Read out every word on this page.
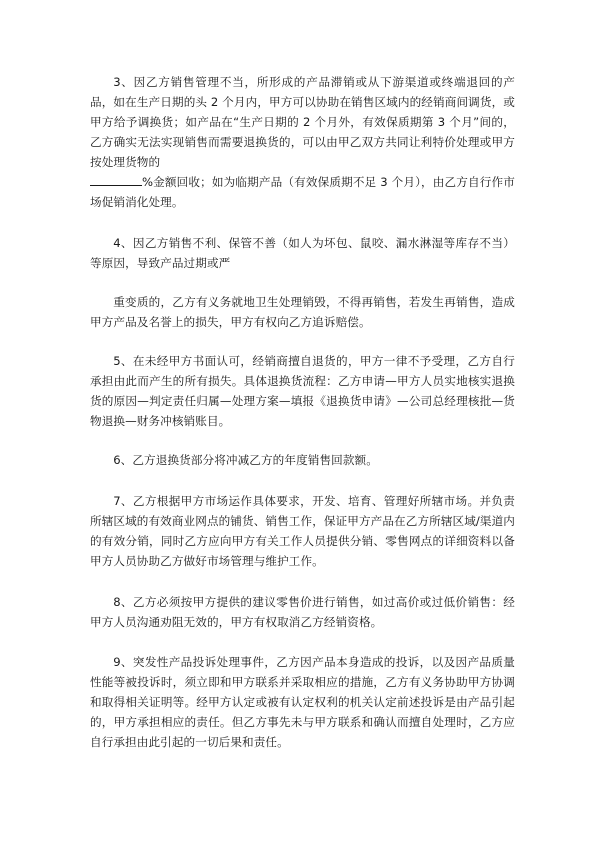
3、因乙方销售管理不当，所形成的产品滞销或从下游渠道或终端退回的产品，如在生产日期的头 2 个月内，甲方可以协助在销售区域内的经销商间调货，或甲方给予调换货；如产品在“生产日期的 2 个月外，有效保质期第 3 个月”间的，乙方确实无法实现销售而需要退换货的，可以由甲乙双方共同让利特价处理或甲方按处理货物的
%金额回收；如为临期产品（有效保质期不足 3 个月），由乙方自行作市场促销消化处理。

4、因乙方销售不利、保管不善（如人为坏包、鼠咬、漏水淋湿等库存不当）等原因，导致产品过期或严

重变质的，乙方有义务就地卫生处理销毁，不得再销售，若发生再销售，造成甲方产品及名誉上的损失，甲方有权向乙方追诉赔偿。

5、在未经甲方书面认可，经销商擅自退货的，甲方一律不予受理，乙方自行承担由此而产生的所有损失。具体退换货流程：乙方申请—甲方人员实地核实退换货的原因—判定责任归属—处理方案—填报《退换货申请》—公司总经理核批—货物退换—财务冲核销账目。

6、乙方退换货部分将冲减乙方的年度销售回款额。

7、乙方根据甲方市场运作具体要求，开发、培育、管理好所辖市场。并负责所辖区域的有效商业网点的铺货、销售工作，保证甲方产品在乙方所辖区域/渠道内的有效分销，同时乙方应向甲方有关工作人员提供分销、零售网点的详细资料以备甲方人员协助乙方做好市场管理与维护工作。

8、乙方必须按甲方提供的建议零售价进行销售，如过高价或过低价销售：经甲方人员沟通劝阻无效的，甲方有权取消乙方经销资格。

9、突发性产品投诉处理事件，乙方因产品本身造成的投诉，以及因产品质量性能等被投诉时，须立即和甲方联系并采取相应的措施，乙方有义务协助甲方协调和取得相关证明等。经甲方认定或被有认定权利的机关认定前述投诉是由产品引起的，甲方承担相应的责任。但乙方事先未与甲方联系和确认而擅自处理时，乙方应自行承担由此引起的一切后果和责任。
